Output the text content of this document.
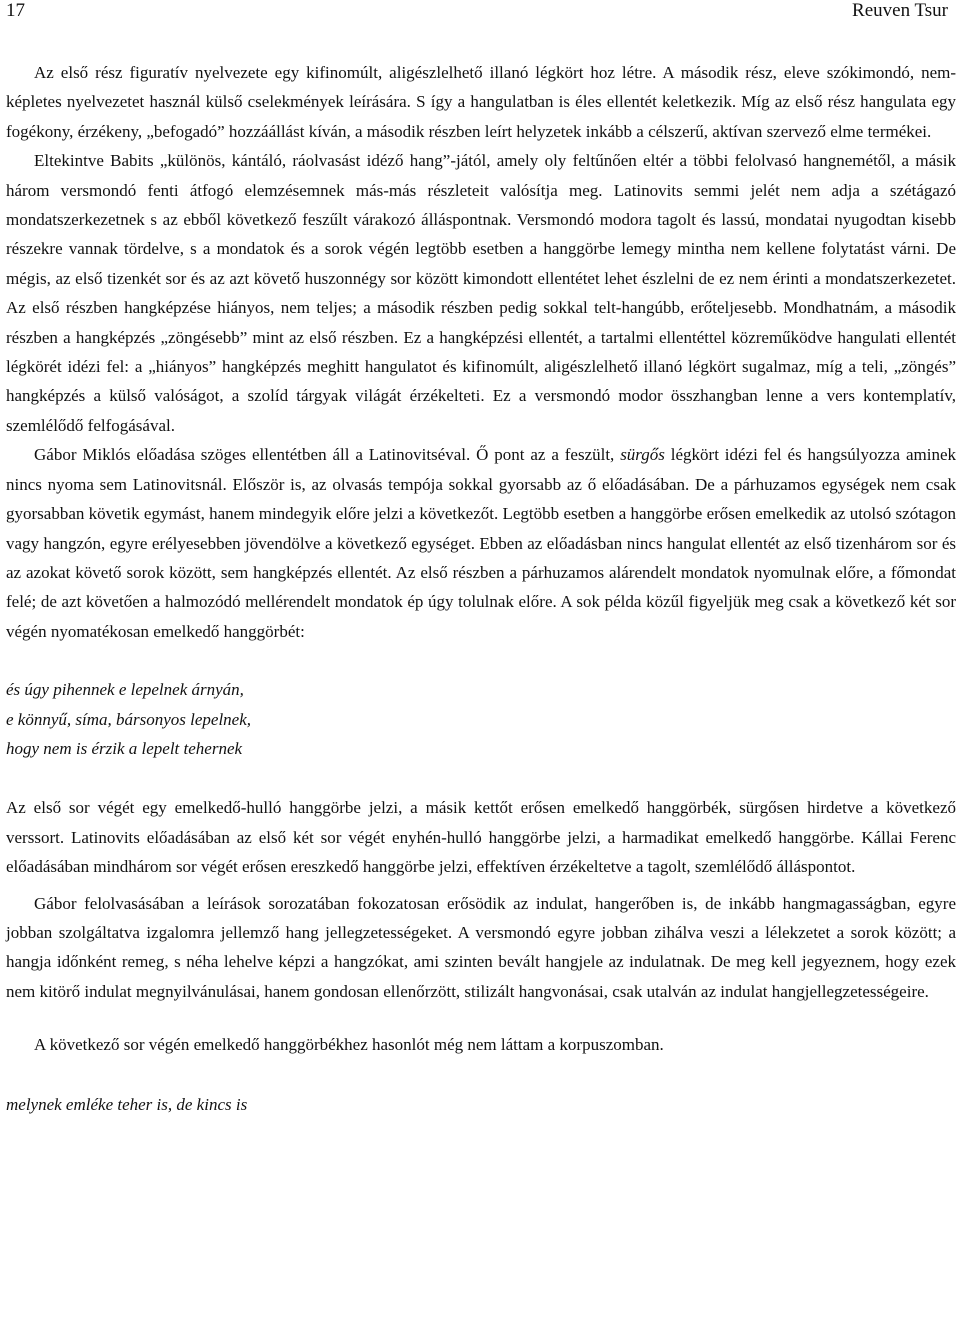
17	Reuven Tsur

Az első rész figuratív nyelvezete egy kifinomúlt, aligészlelhető illanó légkört hoz létre. A második rész, eleve szókimondó, nem-képletes nyelvezetet használ külső cselekmények leírására. S így a hangulatban is éles ellentét keletkezik. Míg az első rész hangulata egy fogékony, érzékeny, „befogadó” hozzáállást kíván, a második részben leírt helyzetek inkább a célszerű, aktívan szervező elme termékei.

Eltekintve Babits „különös, kántáló, ráolvasást idéző hang”-jától, amely oly feltűnően eltér a többi felolvasó hangnemétől, a másik három versmondó fenti átfogó elemzésemnek más-más részleteit valósítja meg. Latinovits semmi jelét nem adja a szétágazó mondatszerkezetnek s az ebből következő feszűlt várakozó álláspontnak. Versmondó modora tagolt és lassú, mondatai nyugodtan kisebb részekre vannak tördelve, s a mondatok és a sorok végén legtöbb esetben a hanggörbe lemegy mintha nem kellene folytatást várni. De mégis, az első tizenkét sor és az azt követő huszonnégy sor között kimondott ellentétet lehet észlelni de ez nem érinti a mondatszerkezetet. Az első részben hangképzése hiányos, nem teljes; a második részben pedig sokkal telt-hangúbb, erőteljesebb. Mondhatnám, a második részben a hangképzés „zöngésebb” mint az első részben. Ez a hangképzési ellentét, a tartalmi ellentéttel közreműködve hangulati ellentét légkörét idézi fel: a „hiányos” hangképzés meghitt hangulatot és kifinomúlt, aligészlelhető illanó légkört sugalmaz, míg a teli, „zöngés” hangképzés a külső valóságot, a szolíd tárgyak világát érzékelteti. Ez a versmondó modor összhangban lenne a vers kontemplatív, szemlélődő felfogásával.

Gábor Miklós előadása szöges ellentétben áll a Latinovitséval. Ő pont az a feszült, sürgős légkört idézi fel és hangsúlyozza aminek nincs nyoma sem Latinovitsnál. Először is, az olvasás tempója sokkal gyorsabb az ő előadásában. De a párhuzamos egységek nem csak gyorsabban követik egymást, hanem mindegyik előre jelzi a következőt. Legtöbb esetben a hanggörbe erősen emelkedik az utolsó szótagon vagy hangzón, egyre erélyesebben jövendölve a következő egységet. Ebben az előadásban nincs hangulat ellentét az első tizenhárom sor és az azokat követő sorok között, sem hangképzés ellentét. Az első részben a párhuzamos alárendelt mondatok nyomulnak előre, a főmondat felé; de azt követően a halmozódó mellérendelt mondatok ép úgy tolulnak előre. A sok példa közűl figyeljük meg csak a következő két sor végén nyomatékosan emelkedő hanggörbét:

és úgy pihennek e lepelnek árnyán,
e könnyű, síma, bársonyos lepelnek,
hogy nem is érzik a lepelt tehernek

Az első sor végét egy emelkedő-hulló hanggörbe jelzi, a másik kettőt erősen emelkedő hanggörbék, sürgősen hirdetve a következő verssort. Latinovits előadásában az első két sor végét enyhén-hulló hanggörbe jelzi, a harmadikat emelkedő hanggörbe. Kállai Ferenc előadásában mindhárom sor végét erősen ereszkedő hanggörbe jelzi, effektíven érzékeltetve a tagolt, szemlélődő álláspontot.

Gábor felolvasásában a leírások sorozatában fokozatosan erősödik az indulat, hangerőben is, de inkább hangmagasságban, egyre jobban szolgáltatva izgalomra jellemző hang jellegzetességeket. A versmondó egyre jobban zihálva veszi a lélekzetet a sorok között; a hangja időnként remeg, s néha lehelve képzi a hangzókat, ami szinten bevált hangjele az indulatnak. De meg kell jegyeznem, hogy ezek nem kitörő indulat megnyilvánulásai, hanem gondosan ellenőrzött, stilizált hangvonásai, csak utalván az indulat hangjellegzetességeire.

A következő sor végén emelkedő hanggörbékhez hasonlót még nem láttam a korpuszomban.

melynek emléke teher is, de kincs is
